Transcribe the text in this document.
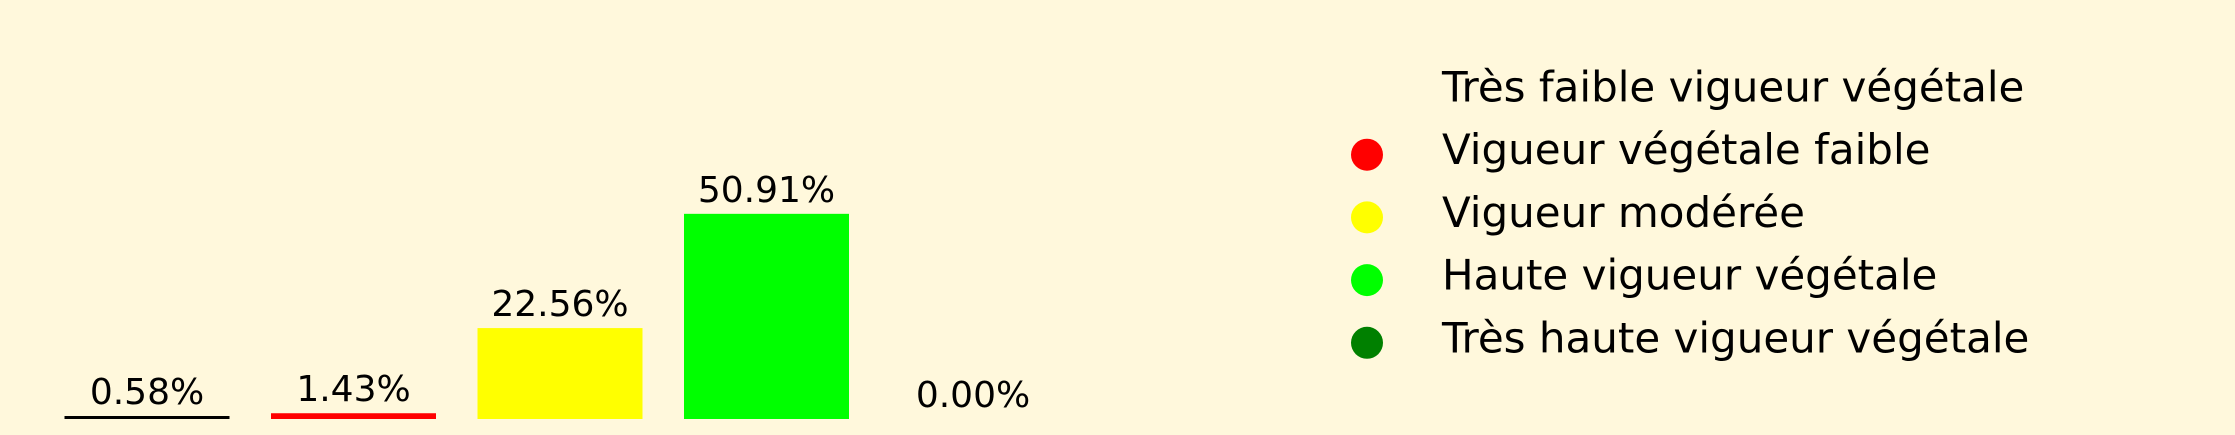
0.58%	1.43%
22.56%
50.91%
0.00%
Très faible vigueur végétale
Vigueur végétale faible
Vigueur modérée
Haute vigueur végétale
Très haute vigueur végétale
